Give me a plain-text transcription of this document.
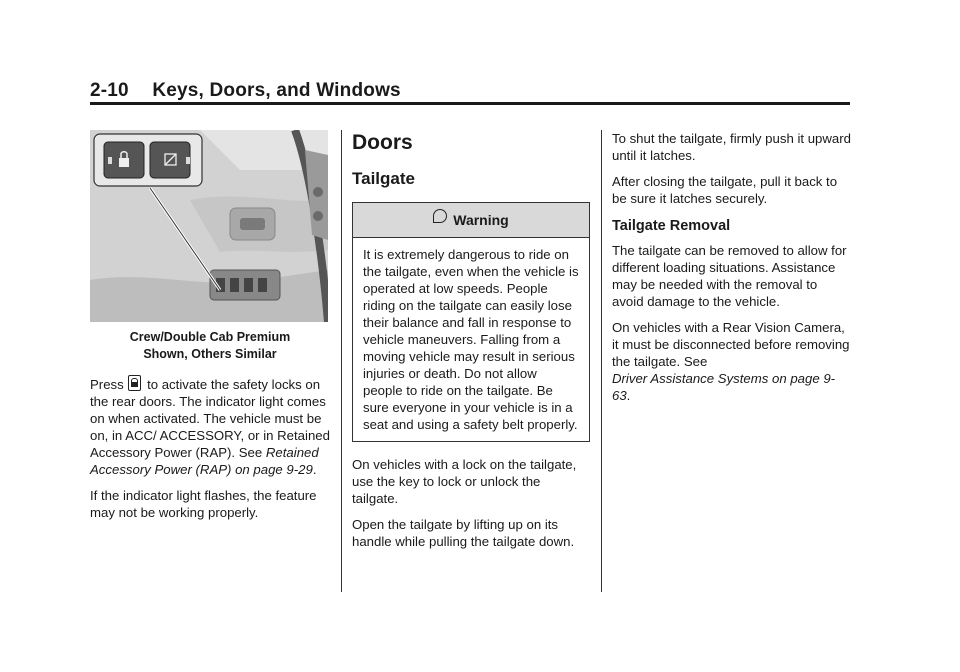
2-10 Keys, Doors, and Windows
Crew/Double Cab Premium
Shown, Others Similar

Press to activate the safety locks on the rear doors. The indicator light comes on when activated. The vehicle must be on, in ACC/ ACCESSORY, or in Retained Accessory Power (RAP). See Retained Accessory Power (RAP) on page 9-29.

If the indicator light flashes, the feature may not be working properly.

Doors
Tailgate
Warning
It is extremely dangerous to ride on the tailgate, even when the vehicle is operated at low speeds. People riding on the tailgate can easily lose their balance and fall in response to vehicle maneuvers. Falling from a moving vehicle may result in serious injuries or death. Do not allow people to ride on the tailgate. Be sure everyone in your vehicle is in a seat and using a safety belt properly.

On vehicles with a lock on the tailgate, use the key to lock or unlock the tailgate.

Open the tailgate by lifting up on its handle while pulling the tailgate down.

To shut the tailgate, firmly push it upward until it latches.

After closing the tailgate, pull it back to be sure it latches securely.

Tailgate Removal

The tailgate can be removed to allow for different loading situations. Assistance may be needed with the removal to avoid damage to the vehicle.

On vehicles with a Rear Vision Camera, it must be disconnected before removing the tailgate. See
Driver Assistance Systems on page 9-63.
